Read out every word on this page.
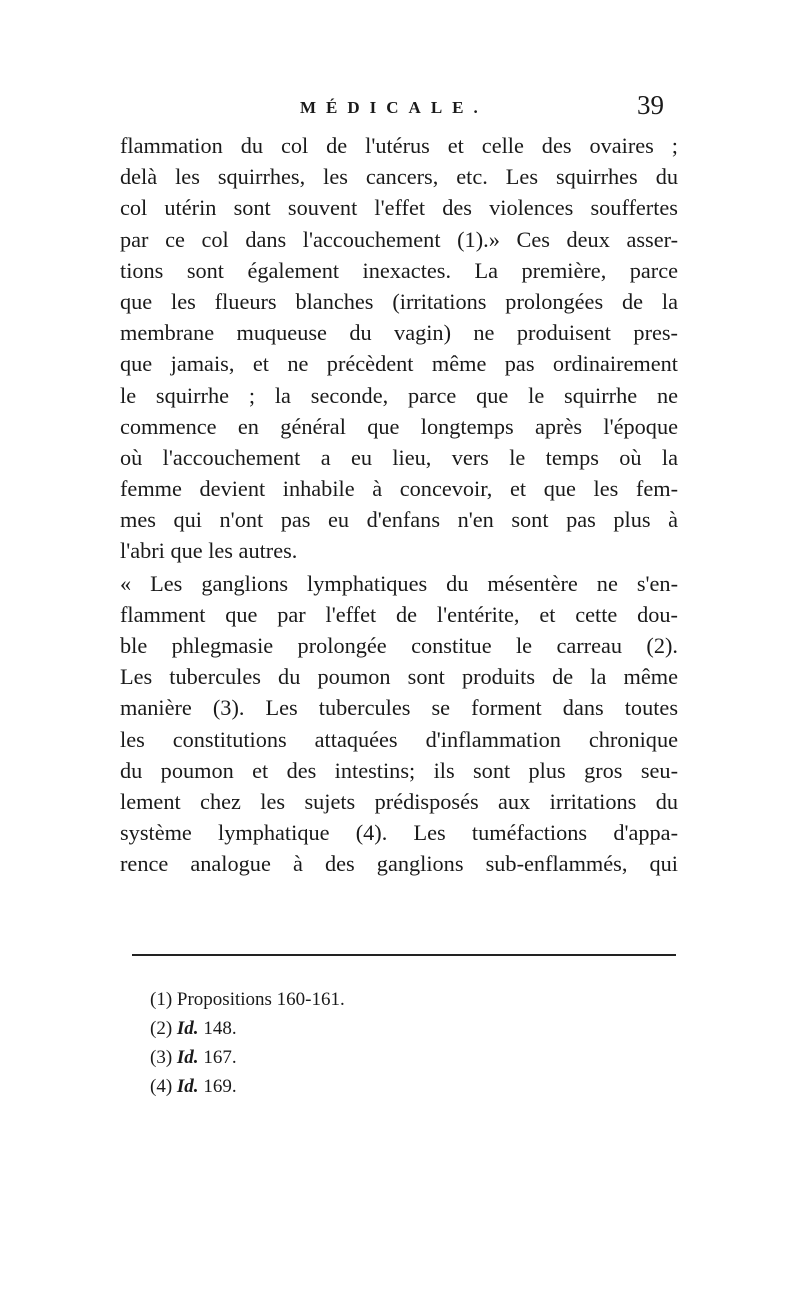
MÉDICALE.	39
flammation du col de l'utérus et celle des ovaires ;
delà les squirrhes, les cancers, etc. Les squirrhes du
col utérin sont souvent l'effet des violences souffertes
par ce col dans l'accouchement (1).» Ces deux asser-
tions sont également inexactes. La première, parce
que les flueurs blanches (irritations prolongées de la
membrane muqueuse du vagin) ne produisent pres-
que jamais, et ne précèdent même pas ordinairement
le squirrhe ; la seconde, parce que le squirrhe ne
commence en général que longtemps après l'époque
où l'accouchement a eu lieu, vers le temps où la
femme devient inhabile à concevoir, et que les fem-
mes qui n'ont pas eu d'enfans n'en sont pas plus à
l'abri que les autres.
« Les ganglions lymphatiques du mésentère ne s'en-
flamment que par l'effet de l'entérite, et cette dou-
ble phlegmasie prolongée constitue le carreau (2).
Les tubercules du poumon sont produits de la même
manière (3). Les tubercules se forment dans toutes
les constitutions attaquées d'inflammation chronique
du poumon et des intestins; ils sont plus gros seu-
lement chez les sujets prédisposés aux irritations du
système lymphatique (4). Les tuméfactions d'appa-
rence analogue à des ganglions sub-enflammés, qui
(1) Propositions 160-161.
(2) Id. 148.
(3) Id. 167.
(4) Id. 169.
